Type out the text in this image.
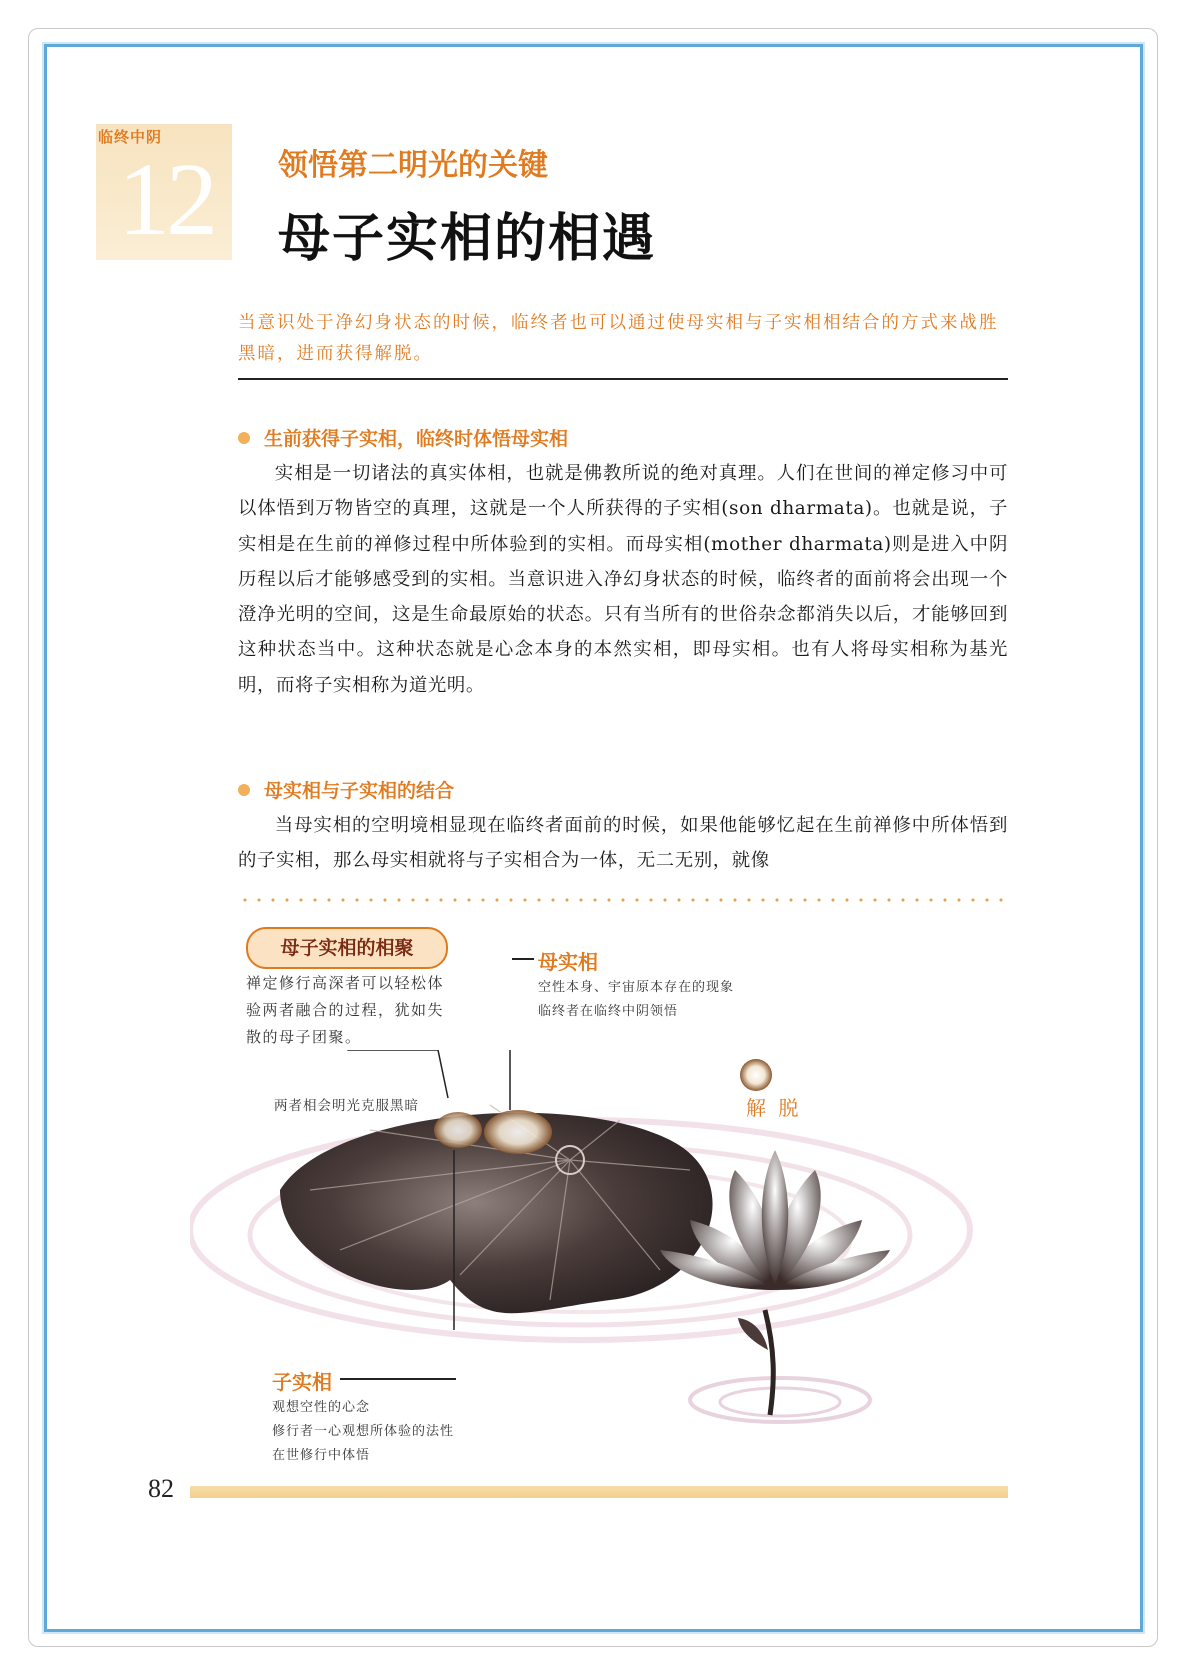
临终中阴
12 领悟第二明光的关键
母子实相的相遇
当意识处于净幻身状态的时候，临终者也可以通过使母实相与子实相相结合的方式来战胜黑暗，进而获得解脱。
生前获得子实相，临终时体悟母实相
实相是一切诸法的真实体相，也就是佛教所说的绝对真理。人们在世间的禅定修习中可以体悟到万物皆空的真理，这就是一个人所获得的子实相(son dharmata)。也就是说，子实相是在生前的禅修过程中所体验到的实相。而母实相(mother dharmata)则是进入中阴历程以后才能够感受到的实相。当意识进入净幻身状态的时候，临终者的面前将会出现一个澄净光明的空间，这是生命最原始的状态。只有当所有的世俗杂念都消失以后，才能够回到这种状态当中。这种状态就是心念本身的本然实相，即母实相。也有人将母实相称为基光明，而将子实相称为道光明。
母实相与子实相的结合
当母实相的空明境相显现在临终者面前的时候，如果他能够忆起在生前禅修中所体悟到的子实相，那么母实相就将与子实相合为一体，无二无别，就像
母子实相的相聚
禅定修行高深者可以轻松体
验两者融合的过程，犹如失
散的母子团聚。
母实相
空性本身、宇宙原本存在的现象
临终者在临终中阴领悟
两者相会明光克服黑暗	解 脱
子实相
观想空性的心念
修行者一心观想所体验的法性
在世修行中体悟
82
